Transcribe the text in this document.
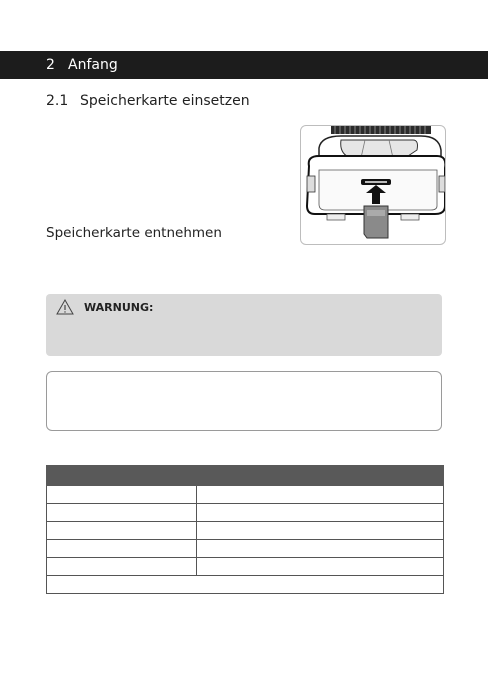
2 Anfang
2.1 Speicherkarte einsetzen
Speicherkarte entnehmen
WARNUNG:
